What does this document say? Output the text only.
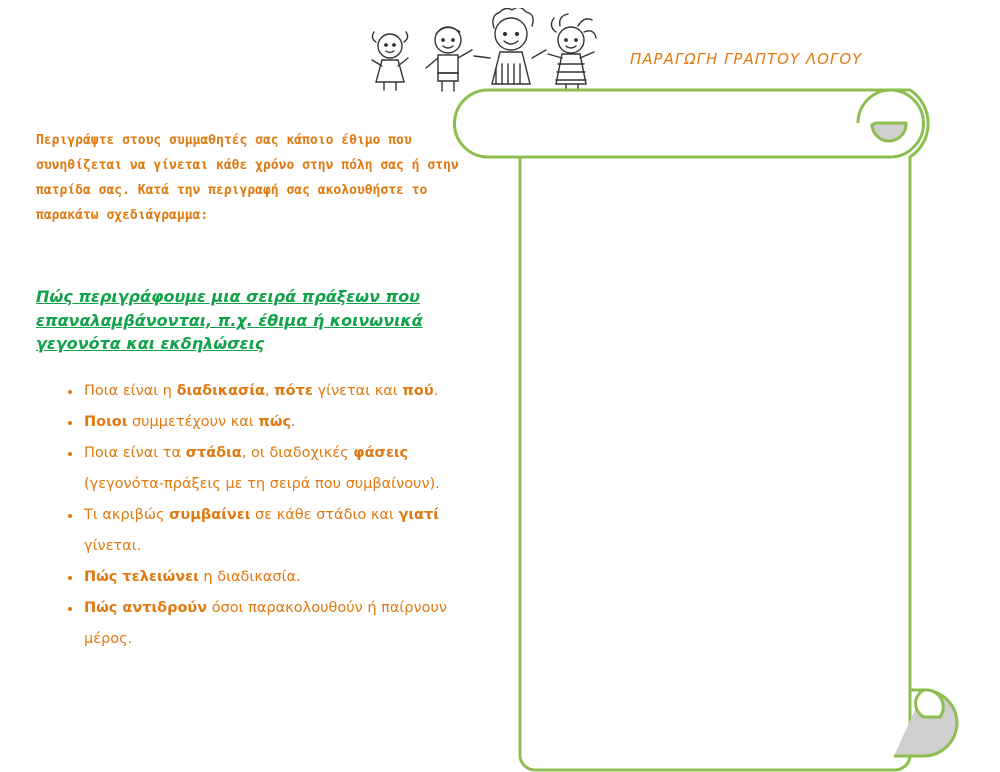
ΠΑΡΑΓΩΓΗ ΓΡΑΠΤΟΥ ΛΟΓΟΥ

Περιγράψτε στους συμμαθητές σας κάποιο έθιμο που συνηθίζεται να γίνεται κάθε χρόνο στην πόλη σας ή στην πατρίδα σας. Κατά την περιγραφή σας ακολουθήστε το παρακάτω σχεδιάγραμμα:

Πώς περιγράφουμε μια σειρά πράξεων που επαναλαμβάνονται, π.χ. έθιμα ή κοινωνικά γεγονότα και εκδηλώσεις

• Ποια είναι η διαδικασία, πότε γίνεται και πού.
• Ποιοι συμμετέχουν και πώς.
• Ποια είναι τα στάδια, οι διαδοχικές φάσεις (γεγονότα-πράξεις με τη σειρά που συμβαίνουν).
• Τι ακριβώς συμβαίνει σε κάθε στάδιο και γιατί γίνεται.
• Πώς τελειώνει η διαδικασία.
• Πώς αντιδρούν όσοι παρακολουθούν ή παίρνουν μέρος.
